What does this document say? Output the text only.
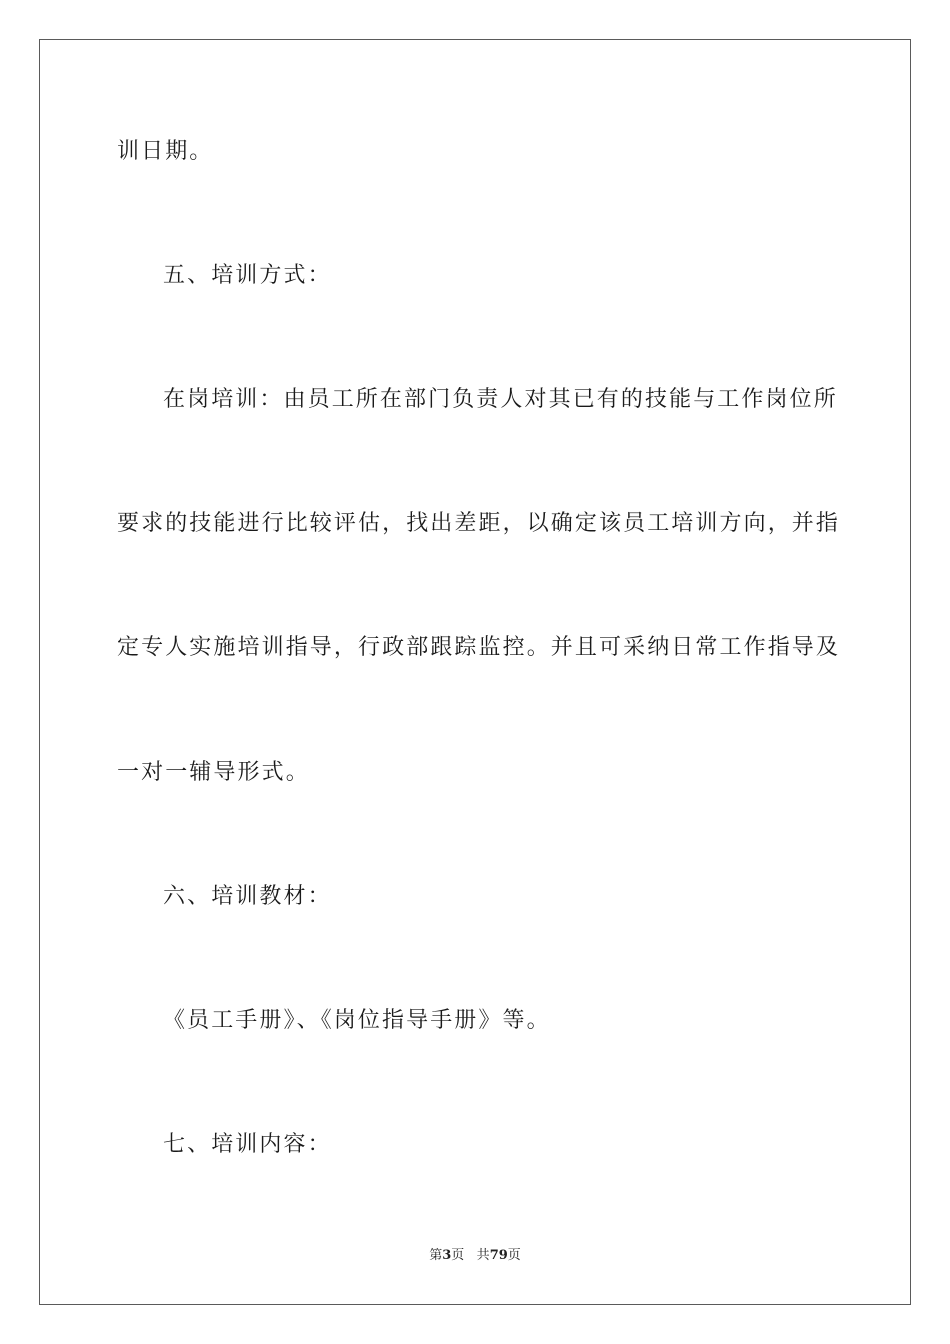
训日期。

五、培训方式：

在岗培训：由员工所在部门负责人对其已有的技能与工作岗位所

要求的技能进行比较评估，找出差距，以确定该员工培训方向，并指

定专人实施培训指导，行政部跟踪监控。并且可采纳日常工作指导及

一对一辅导形式。

六、培训教材：

《员工手册》、《岗位指导手册》等。

七、培训内容：

第3页 共79页
